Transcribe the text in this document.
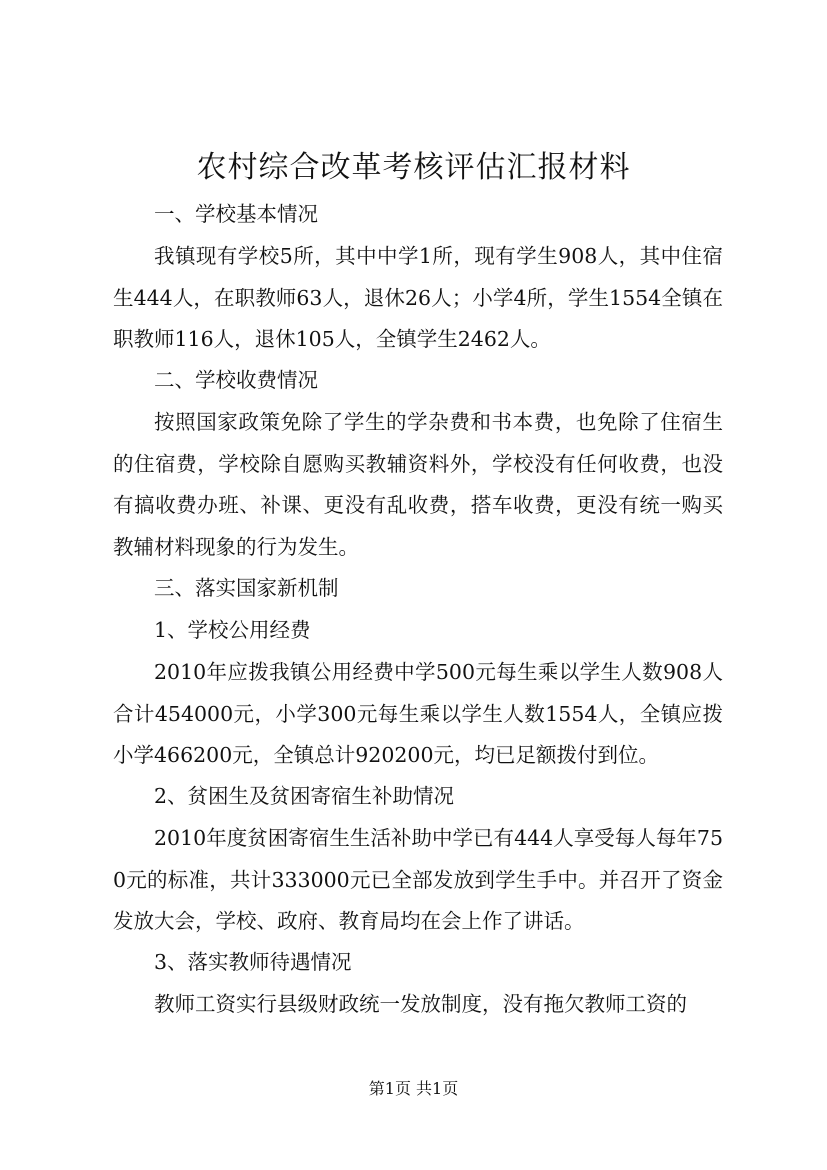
农村综合改革考核评估汇报材料
一、学校基本情况

我镇现有学校5所，其中中学1所，现有学生908人，其中住宿生444人，在职教师63人，退休26人；小学4所，学生1554全镇在职教师116人，退休105人，全镇学生2462人。

二、学校收费情况

按照国家政策免除了学生的学杂费和书本费，也免除了住宿生的住宿费，学校除自愿购买教辅资料外，学校没有任何收费，也没有搞收费办班、补课、更没有乱收费，搭车收费，更没有统一购买教辅材料现象的行为发生。

三、落实国家新机制
1、学校公用经费

2010年应拨我镇公用经费中学500元每生乘以学生人数908人合计454000元，小学300元每生乘以学生人数1554人，全镇应拨小学466200元，全镇总计920200元，均已足额拨付到位。

2、贫困生及贫困寄宿生补助情况

2010年度贫困寄宿生生活补助中学已有444人享受每人每年750元的标准，共计333000元已全部发放到学生手中。并召开了资金发放大会，学校、政府、教育局均在会上作了讲话。

3、落实教师待遇情况

教师工资实行县级财政统一发放制度，没有拖欠教师工资的

第1页 共1页
